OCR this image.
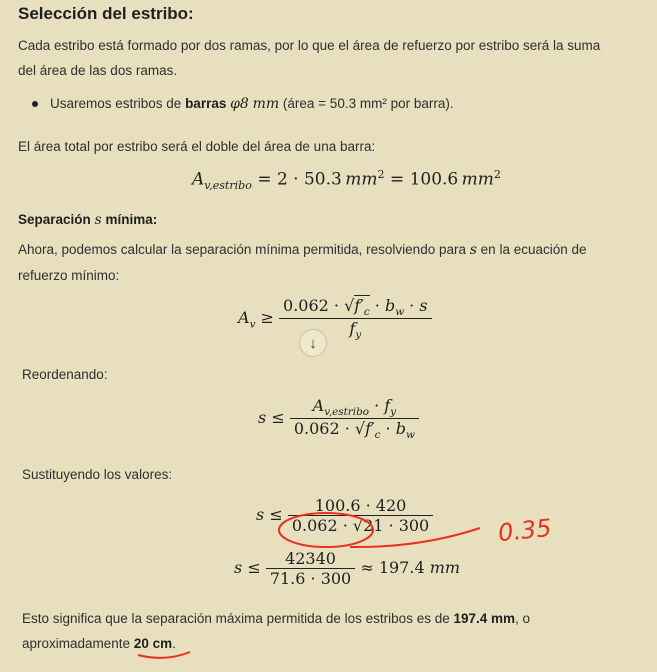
Selección del estribo:
Cada estribo está formado por dos ramas, por lo que el área de refuerzo por estribo será la suma
del área de las dos ramas.
Usaremos estribos de barras φ8 mm (área = 50.3 mm² por barra).
El área total por estribo será el doble del área de una barra:
$A_{v,estribo} = 2 \cdot 50.3$  $mm^2 = 100.6$  $mm^2$
Separación s mínima:
Ahora, podemos calcular la separación mínima permitida, resolviendo para s en la ecuación de
refuerzo mínimo:
$A_v \ge \frac{0.062 \cdot √f'_c \cdot b_w \cdot s}{f_y}$
↓
Reordenando:
$s \le \frac{A_{v,estribo} \cdot f_y}{0.062 \cdot √f'_c \cdot b_w}$
Sustituyendo los valores:
$s \le \frac{100.6 \cdot 420}{0.062 \cdot √21 \cdot 300}$
$s \le \frac{42340}{71.6 \cdot 300} \approx 197.4$ mm
Esto significa que la separación máxima permitida de los estribos es de 197.4 mm, o
aproximadamente 20 cm.
0.35
